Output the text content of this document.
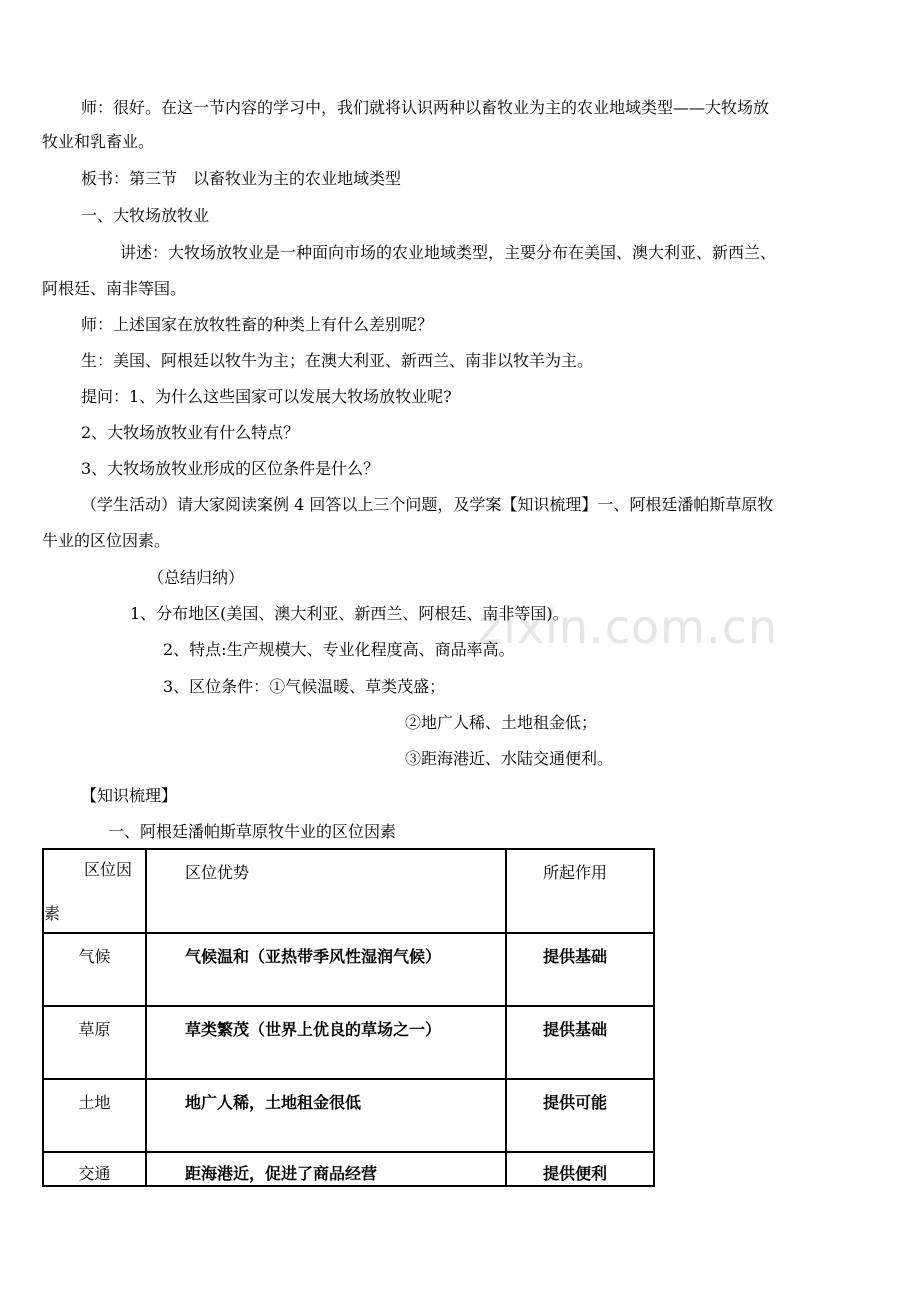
zixin.com.cn
师：很好。在这一节内容的学习中，我们就将认识两种以畜牧业为主的农业地域类型——大牧场放
牧业和乳畜业。
板书：第三节　以畜牧业为主的农业地域类型
一、大牧场放牧业
讲述：大牧场放牧业是一种面向市场的农业地域类型，主要分布在美国、澳大利亚、新西兰、
阿根廷、南非等国。
师：上述国家在放牧牲畜的种类上有什么差别呢？
生：美国、阿根廷以牧牛为主；在澳大利亚、新西兰、南非以牧羊为主。
提问：1、为什么这些国家可以发展大牧场放牧业呢?
2、大牧场放牧业有什么特点？
3、大牧场放牧业形成的区位条件是什么？
（学生活动）请大家阅读案例 4 回答以上三个问题，及学案【知识梳理】一、阿根廷潘帕斯草原牧
牛业的区位因素。
（总结归纳）
1、分布地区(美国、澳大利亚、新西兰、阿根廷、南非等国)。
2、特点:生产规模大、专业化程度高、商品率高。
3、区位条件：①气候温暖、草类茂盛；
②地广人稀、土地租金低；
③距海港近、水陆交通便利。
【知识梳理】
一、阿根廷潘帕斯草原牧牛业的区位因素
区位因
素	区位优势	所起作用
气候	气候温和（亚热带季风性湿润气候）	提供基础
草原	草类繁茂（世界上优良的草场之一）	提供基础
土地	地广人稀，土地租金很低	提供可能
交通	距海港近，促进了商品经营	提供便利
